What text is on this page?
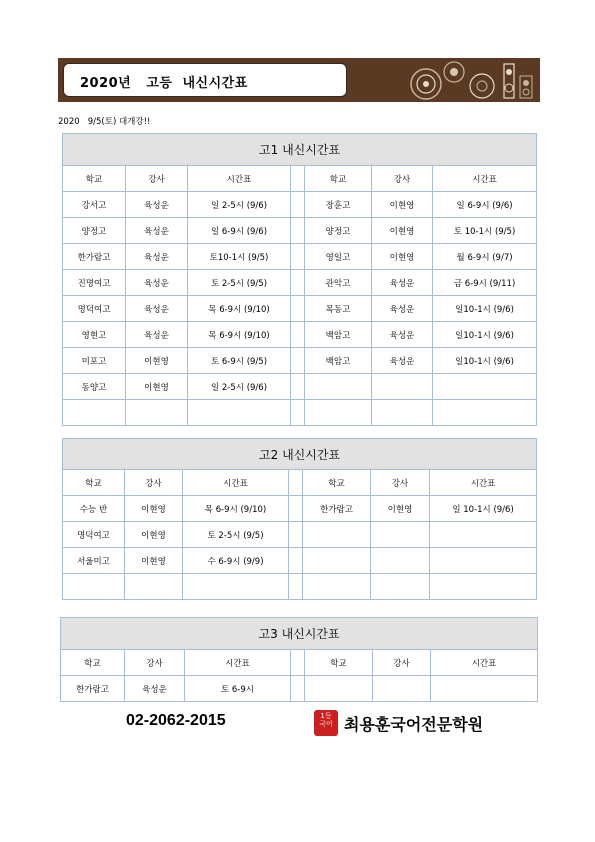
2020년   고등  내신시간표
2020   9/5(토) 대개강!!
고1 내신시간표						
학교	강사	시간표		학교	강사	시간표
강서고	육성운	일 2-5시 (9/6)		장훈고	이현영	일 6-9시 (9/6)
양정고	육성운	일 6-9시 (9/6)		양정고	이현영	토 10-1시 (9/5)
한가람고	육성운	토10-1시 (9/5)		영일고	이현영	월 6-9시 (9/7)
진명여고	육성운	토 2-5시 (9/5)		관악고	육성운	금 6-9시 (9/11)
명덕여고	육성운	목 6-9시 (9/10)		목동고	육성운	일10-1시 (9/6)
영현고	육성운	목 6-9시 (9/10)		백암고	육성운	일10-1시 (9/6)
미포고	이현영	토 6-9시 (9/5)		백암고	육성운	일10-1시 (9/6)
동양고	이현영	일 2-5시 (9/6)				

고2 내신시간표						
학교	강사	시간표		학교	강사	시간표
수능 반	이현영	목 6-9시 (9/10)		한가람고	이현영	일 10-1시 (9/6)
명덕여고	이현영	토 2-5시 (9/5)				
서울미고	이현영	수 6-9시 (9/9)				

고3 내신시간표						
학교	강사	시간표		학교	강사	시간표
한가람고	육성운	토 6-9시				
02-2062-2015	1등
국어 최용훈국어전문학원
